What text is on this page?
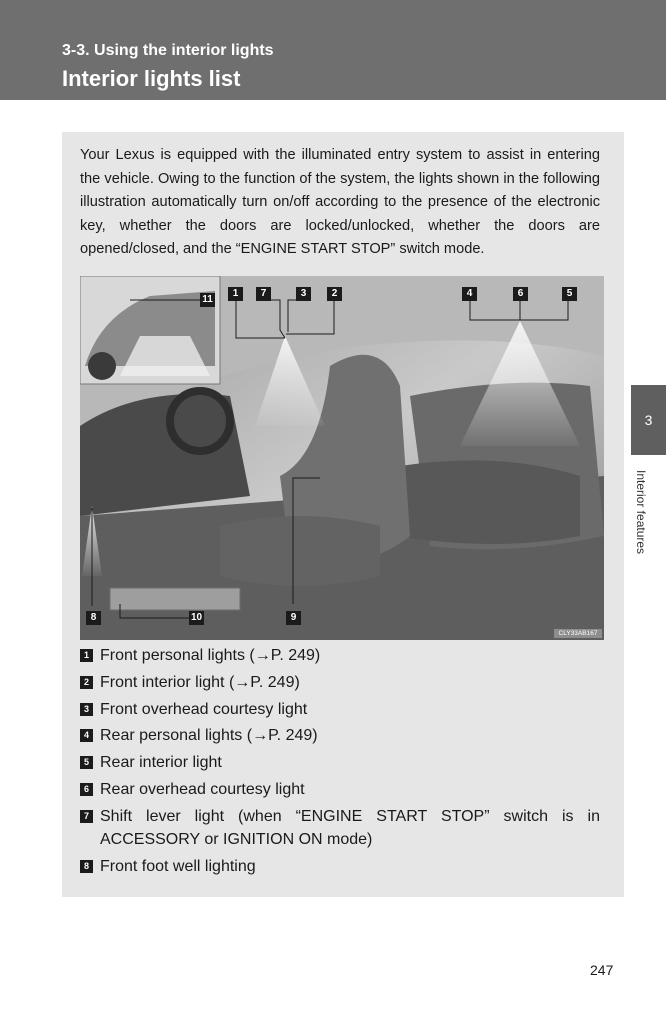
3-3. Using the interior lights
Interior lights list
Your Lexus is equipped with the illuminated entry system to assist in entering the vehicle. Owing to the function of the system, the lights shown in the following illustration automatically turn on/off according to the presence of the electronic key, whether the doors are locked/unlocked, whether the doors are opened/closed, and the “ENGINE START STOP” switch mode.
11
1	7	3	2	4	6	5
8	10	9
CLY33AB167
1 Front personal lights (→P. 249)
2 Front interior light (→P. 249)
3 Front overhead courtesy light
4 Rear personal lights (→P. 249)
5 Rear interior light
6 Rear overhead courtesy light
7 Shift lever light (when “ENGINE START STOP” switch is in ACCESSORY or IGNITION ON mode)
8 Front foot well lighting
3
Interior features
247
